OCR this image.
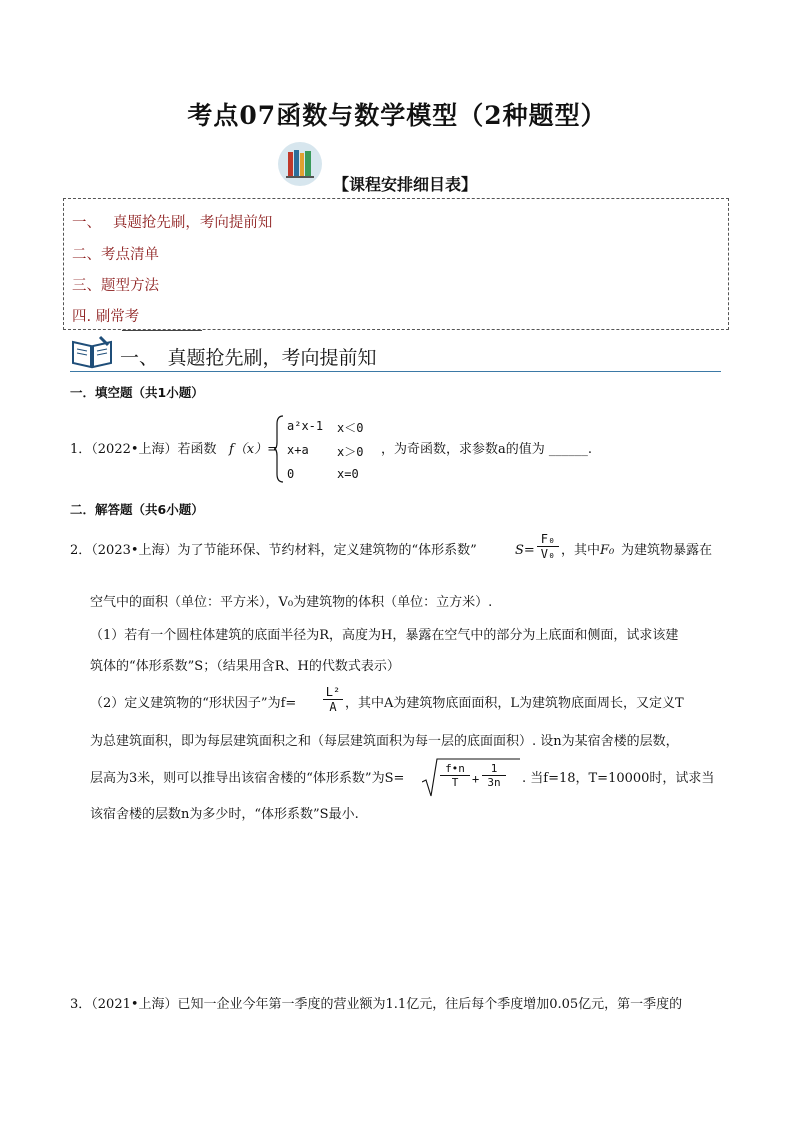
考点07函数与数学模型（2种题型）
【课程安排细目表】
一、　 真题抢先刷，考向提前知
二、考点清单
三、题型方法
四. 刷常考
一、　真题抢先刷，考向提前知
一．填空题（共1小题）
1．（2022•上海）若函数 f（x）=
a²x-1 x＜0
x+a x＞0
0	x=0
，为奇函数，求参数a的值为 ______.
二．解答题（共6小题）
2．（2023•上海）为了节能环保、节约材料，定义建筑物的“体形系数”	$S= \frac{\text{F₀}}{\text{V₀}}$ ，其中 F₀ 为建筑物暴露在
空气中的面积（单位：平方米），V₀为建筑物的体积（单位：立方米）.
（1）若有一个圆柱体建筑的底面半径为R，高度为H，暴露在空气中的部分为上底面和侧面，试求该建
筑体的“体形系数”S；（结果用含R、H的代数式表示）
（2）定义建筑物的“形状因子”为$f= \frac{\text{L²}}{A}$ ，其中A为建筑物底面面积，L为建筑物底面周长，又定义T
为总建筑面积，即为每层建筑面积之和（每层建筑面积为每一层的底面面积）. 设n为某宿舍楼的层数，
层高为3米，则可以推导出该宿舍楼的“体形系数”为S=	$\frac{f•n}{T} + \frac{1}{3n}$ . 当f=18，T=10000时，试求当
该宿舍楼的层数n为多少时，“体形系数”S最小.
3．（2021•上海）已知一企业今年第一季度的营业额为1.1亿元，往后每个季度增加0.05亿元，第一季度的
